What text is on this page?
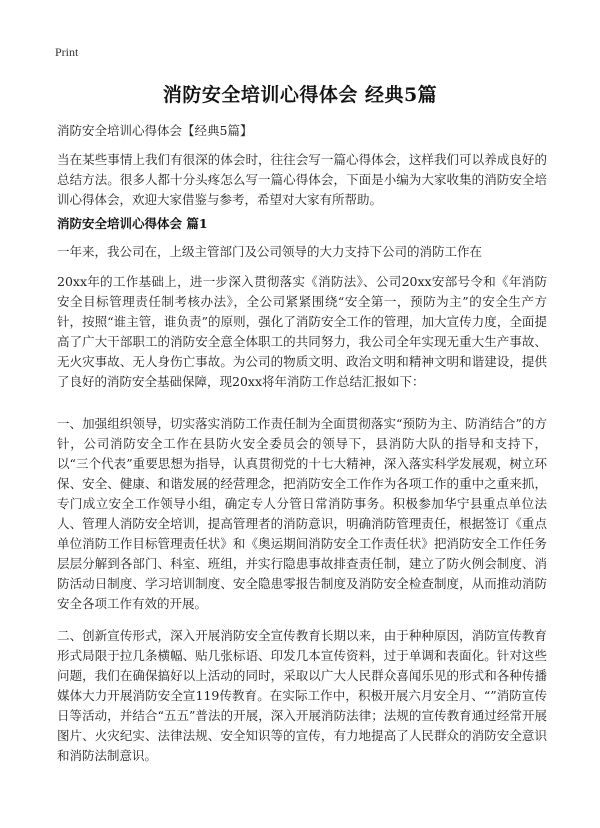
Print
消防安全培训心得体会 经典5篇
消防安全培训心得体会【经典5篇】

当在某些事情上我们有很深的体会时，往往会写一篇心得体会，这样我们可以养成良好的总结方法。很多人都十分头疼怎么写一篇心得体会，下面是小编为大家收集的消防安全培训心得体会，欢迎大家借鉴与参考，希望对大家有所帮助。

消防安全培训心得体会 篇1

一年来，我公司在，上级主管部门及公司领导的大力支持下公司的消防工作在

20xx年的工作基础上，进一步深入贯彻落实《消防法》、公司20xx安部号令和《年消防安全目标管理责任制考核办法》，全公司紧紧围绕“安全第一，预防为主”的安全生产方针，按照“谁主管，谁负责”的原则，强化了消防安全工作的管理，加大宣传力度，全面提高了广大干部职工的消防安全意全体职工的共同努力，我公司全年实现无重大生产事故、无火灾事故、无人身伤亡事故。为公司的物质文明、政治文明和精神文明和谐建设，提供了良好的消防安全基础保障，现20xx将年消防工作总结汇报如下：

一、加强组织领导，切实落实消防工作责任制为全面贯彻落实“预防为主、防消结合”的方针，公司消防安全工作在县防火安全委员会的领导下，县消防大队的指导和支持下，以“三个代表”重要思想为指导，认真贯彻党的十七大精神，深入落实科学发展观，树立环保、安全、健康、和谐发展的经营理念，把消防安全工作作为各项工作的重中之重来抓，专门成立安全工作领导小组，确定专人分管日常消防事务。积极参加华宁县重点单位法人、管理人消防安全培训，提高管理者的消防意识，明确消防管理责任，根据签订《重点单位消防工作目标管理责任状》和《奥运期间消防安全工作责任状》把消防安全工作任务层层分解到各部门、科室、班组，并实行隐患事故排查责任制，建立了防火例会制度、消防活动日制度、学习培训制度、安全隐患零报告制度及消防安全检查制度，从而推动消防安全各项工作有效的开展。

二、创新宣传形式，深入开展消防安全宣传教育长期以来，由于种种原因，消防宣传教育形式局限于拉几条横幅、贴几张标语、印发几本宣传资料，过于单调和表面化。针对这些问题，我们在确保搞好以上活动的同时，采取以广大人民群众喜闻乐见的形式和各种传播媒体大力开展消防安全宣119传教育。在实际工作中，积极开展六月安全月、“”消防宣传日等活动，并结合“五五”普法的开展，深入开展消防法律；法规的宣传教育通过经常开展图片、火灾纪实、法律法规、安全知识等的宣传，有力地提高了人民群众的消防安全意识和消防法制意识。
